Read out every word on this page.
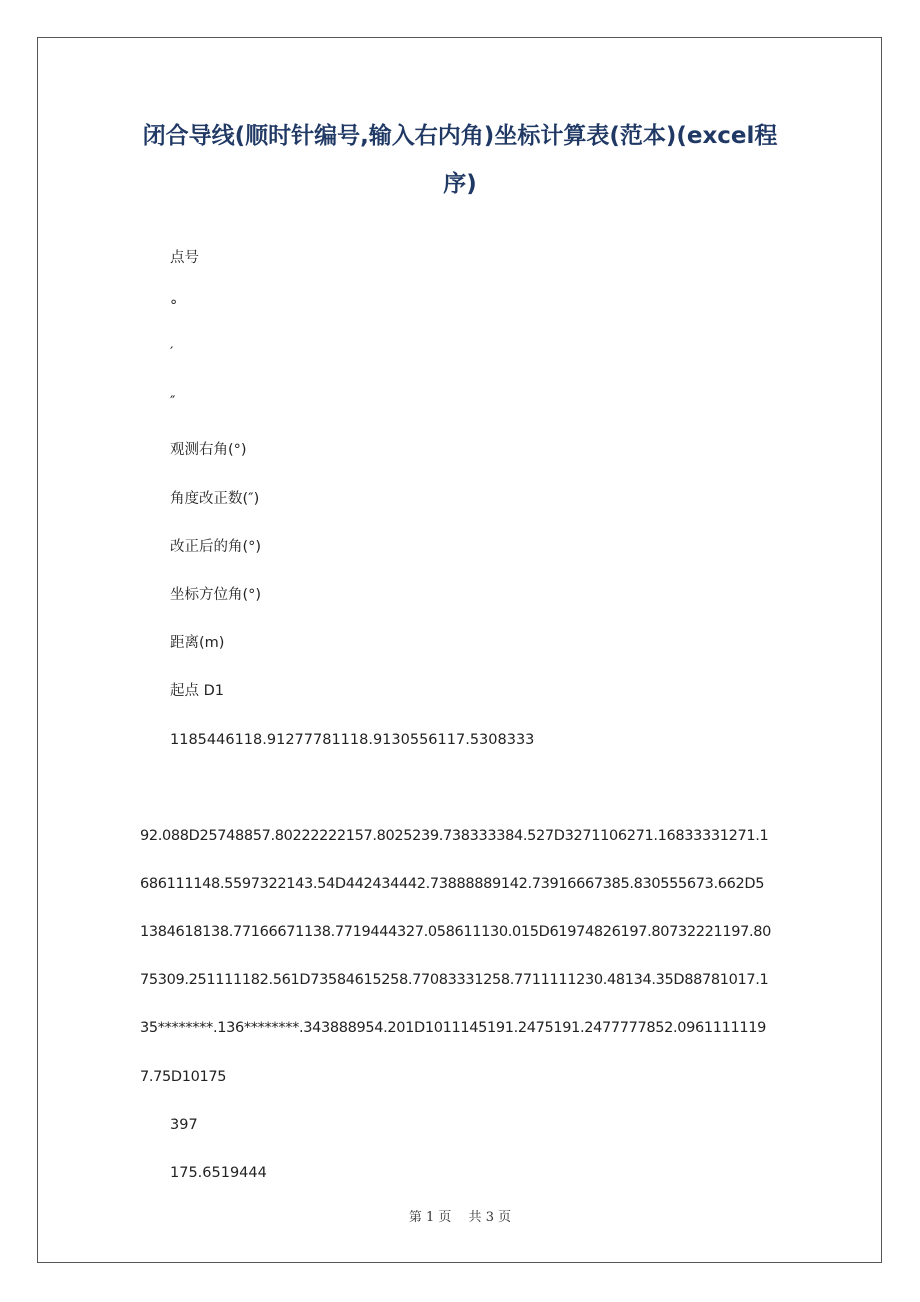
闭合导线(顺时针编号,输入右内角)坐标计算表(范本)(excel程序)
点号
°
′
″
观测右角(°)
角度改正数(″)
改正后的角(°)
坐标方位角(°)
距离(m)
起点 D1
1185446118.91277781118.9130556117.5308333
92.088D25748857.80222222157.8025239.738333384.527D3271106271.16833331271.1
686111148.5597322143.54D442434442.73888889142.73916667385.830555673.662D5
1384618138.77166671138.7719444327.058611130.015D61974826197.80732221197.80
75309.251111182.561D73584615258.77083331258.7711111230.48134.35D88781017.1
35********.136********.343888954.201D1011145191.2475191.2477777852.0961111119
7.75D10175
397
175.6519444
第 1 页　 共 3 页
